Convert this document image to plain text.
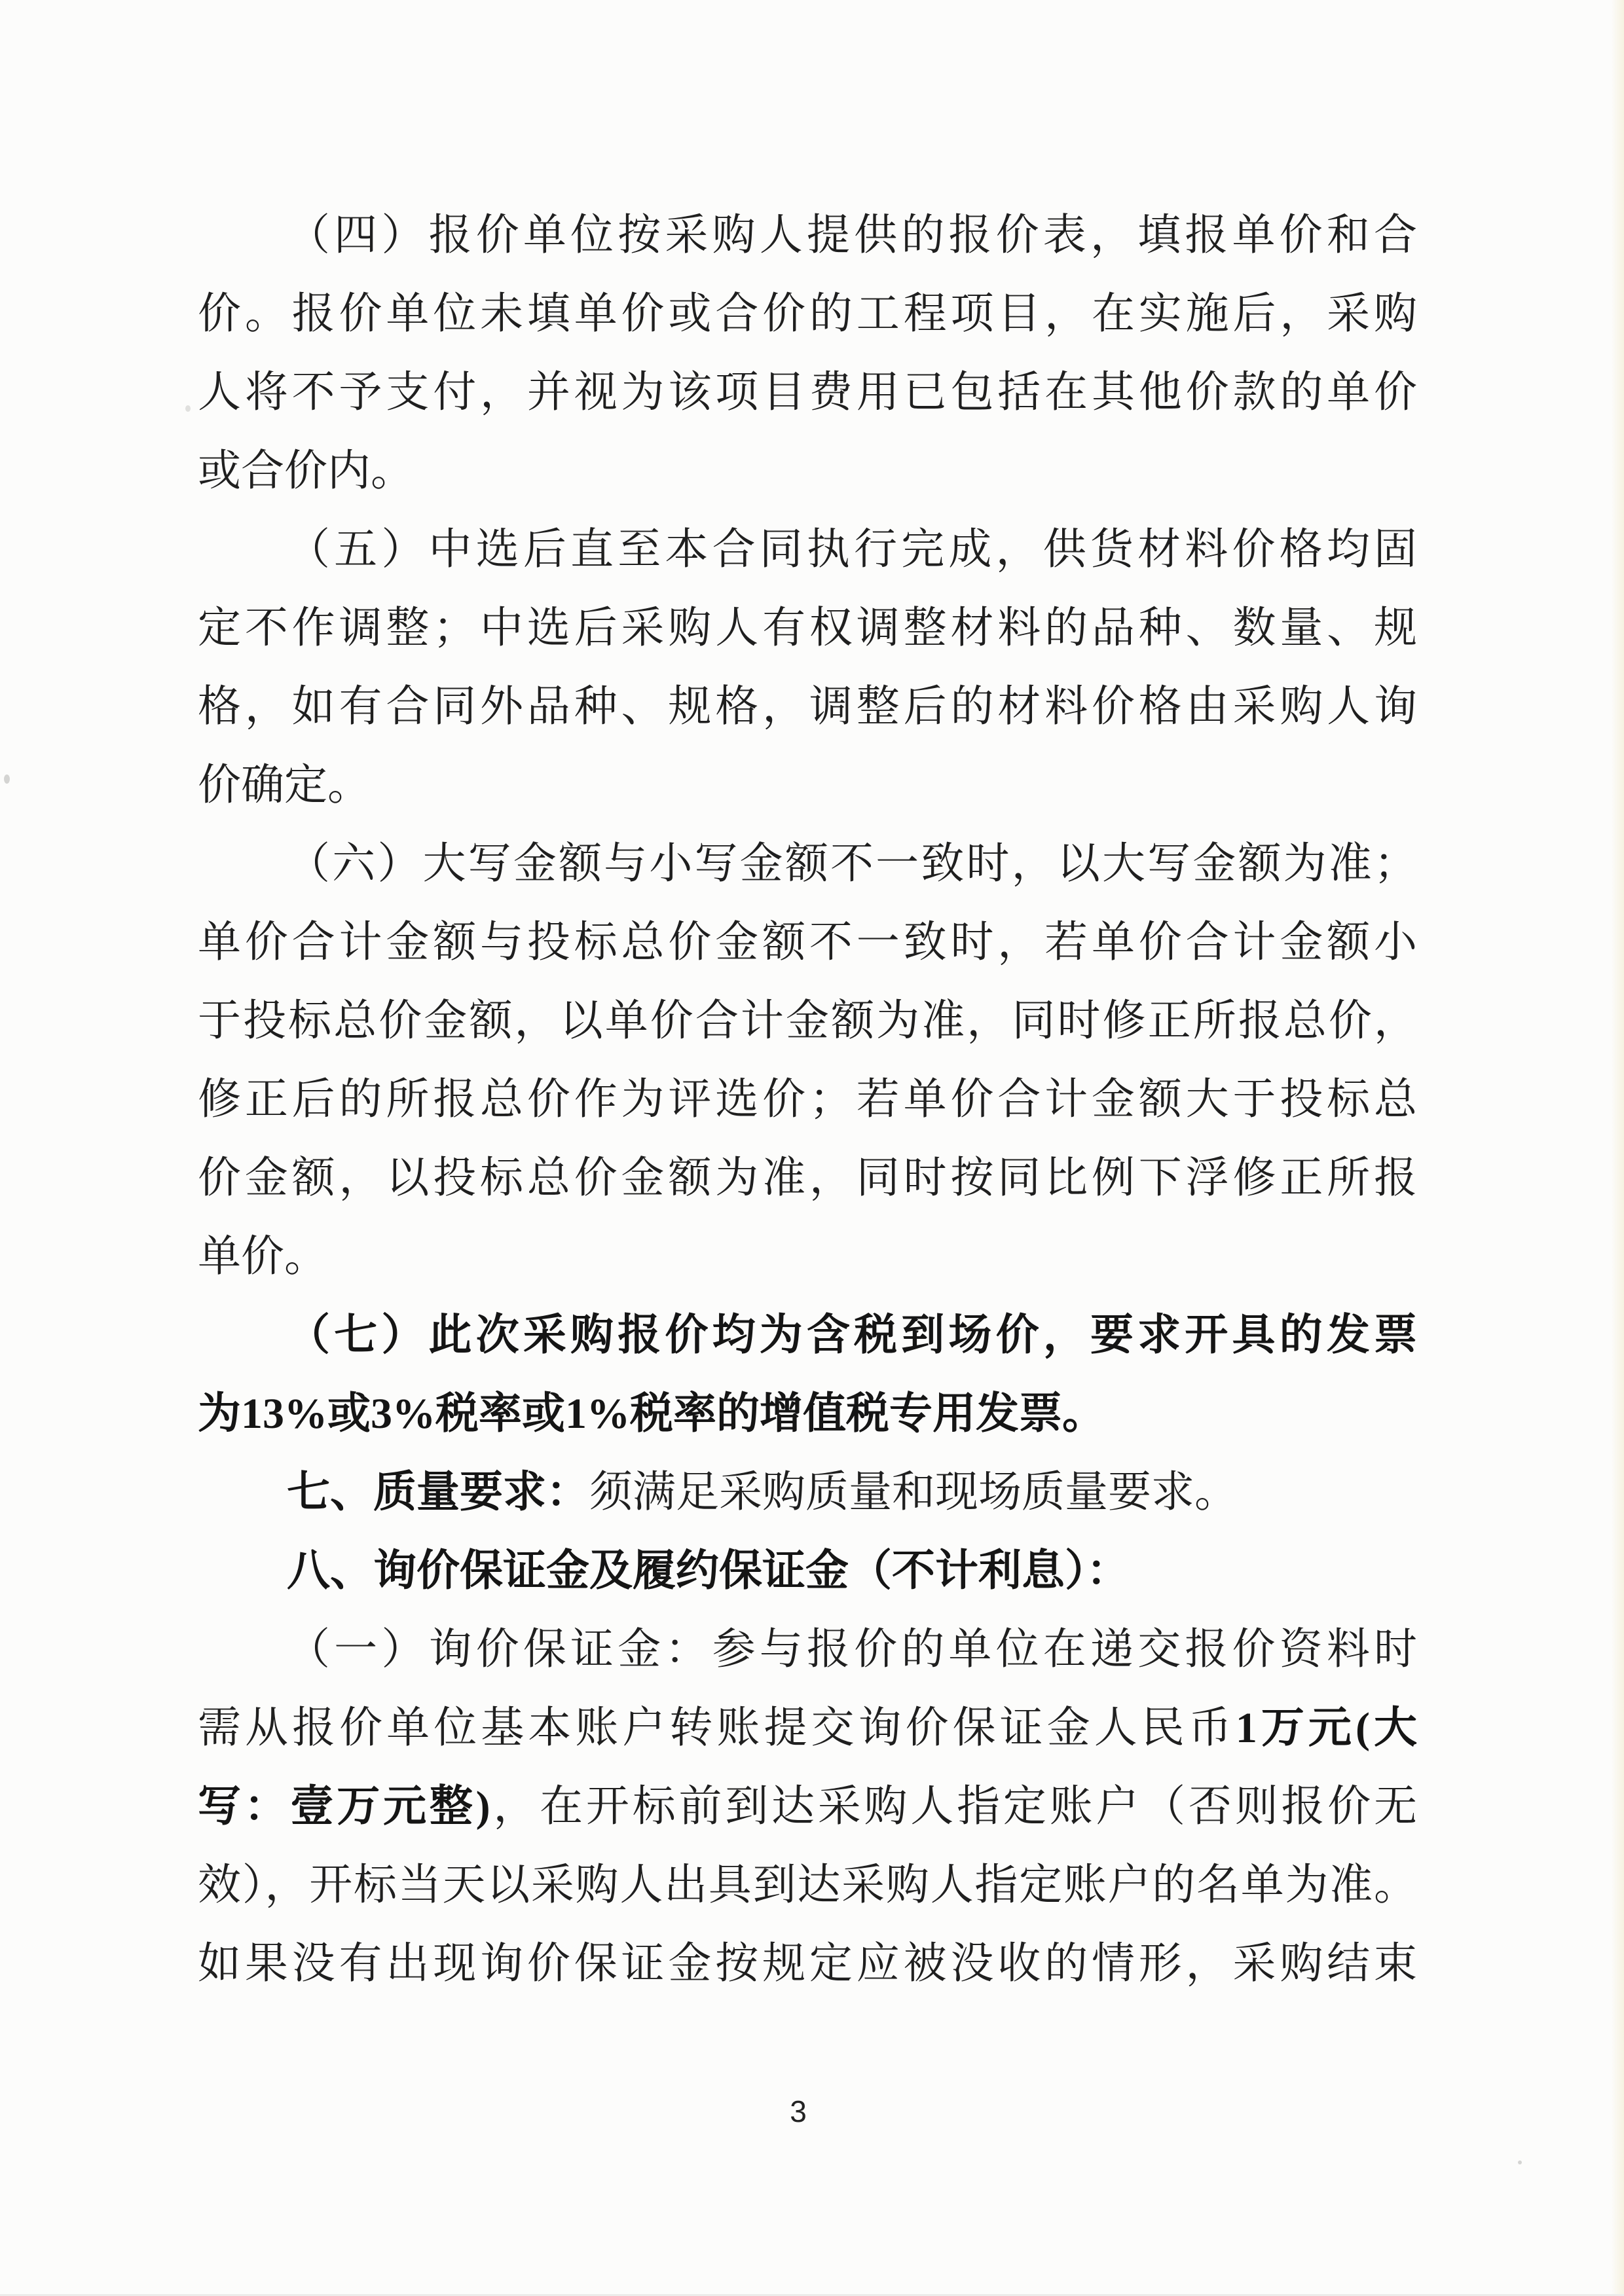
（四）报价单位按采购人提供的报价表，填报单价和合
价。报价单位未填单价或合价的工程项目，在实施后，采购
人将不予支付，并视为该项目费用已包括在其他价款的单价
或合价内。
（五）中选后直至本合同执行完成，供货材料价格均固
定不作调整；中选后采购人有权调整材料的品种、数量、规
格，如有合同外品种、规格，调整后的材料价格由采购人询
价确定。
（六）大写金额与小写金额不一致时，以大写金额为准；
单价合计金额与投标总价金额不一致时，若单价合计金额小
于投标总价金额，以单价合计金额为准，同时修正所报总价，
修正后的所报总价作为评选价；若单价合计金额大于投标总
价金额，以投标总价金额为准，同时按同比例下浮修正所报
单价。
（七）此次采购报价均为含税到场价，要求开具的发票
为13%或3%税率或1%税率的增值税专用发票。
七、质量要求：须满足采购质量和现场质量要求。
八、询价保证金及履约保证金（不计利息）：
（一）询价保证金：参与报价的单位在递交报价资料时
需从报价单位基本账户转账提交询价保证金人民币1万元(大
写：壹万元整)，在开标前到达采购人指定账户（否则报价无
效），开标当天以采购人出具到达采购人指定账户的名单为准。
如果没有出现询价保证金按规定应被没收的情形，采购结束
3
